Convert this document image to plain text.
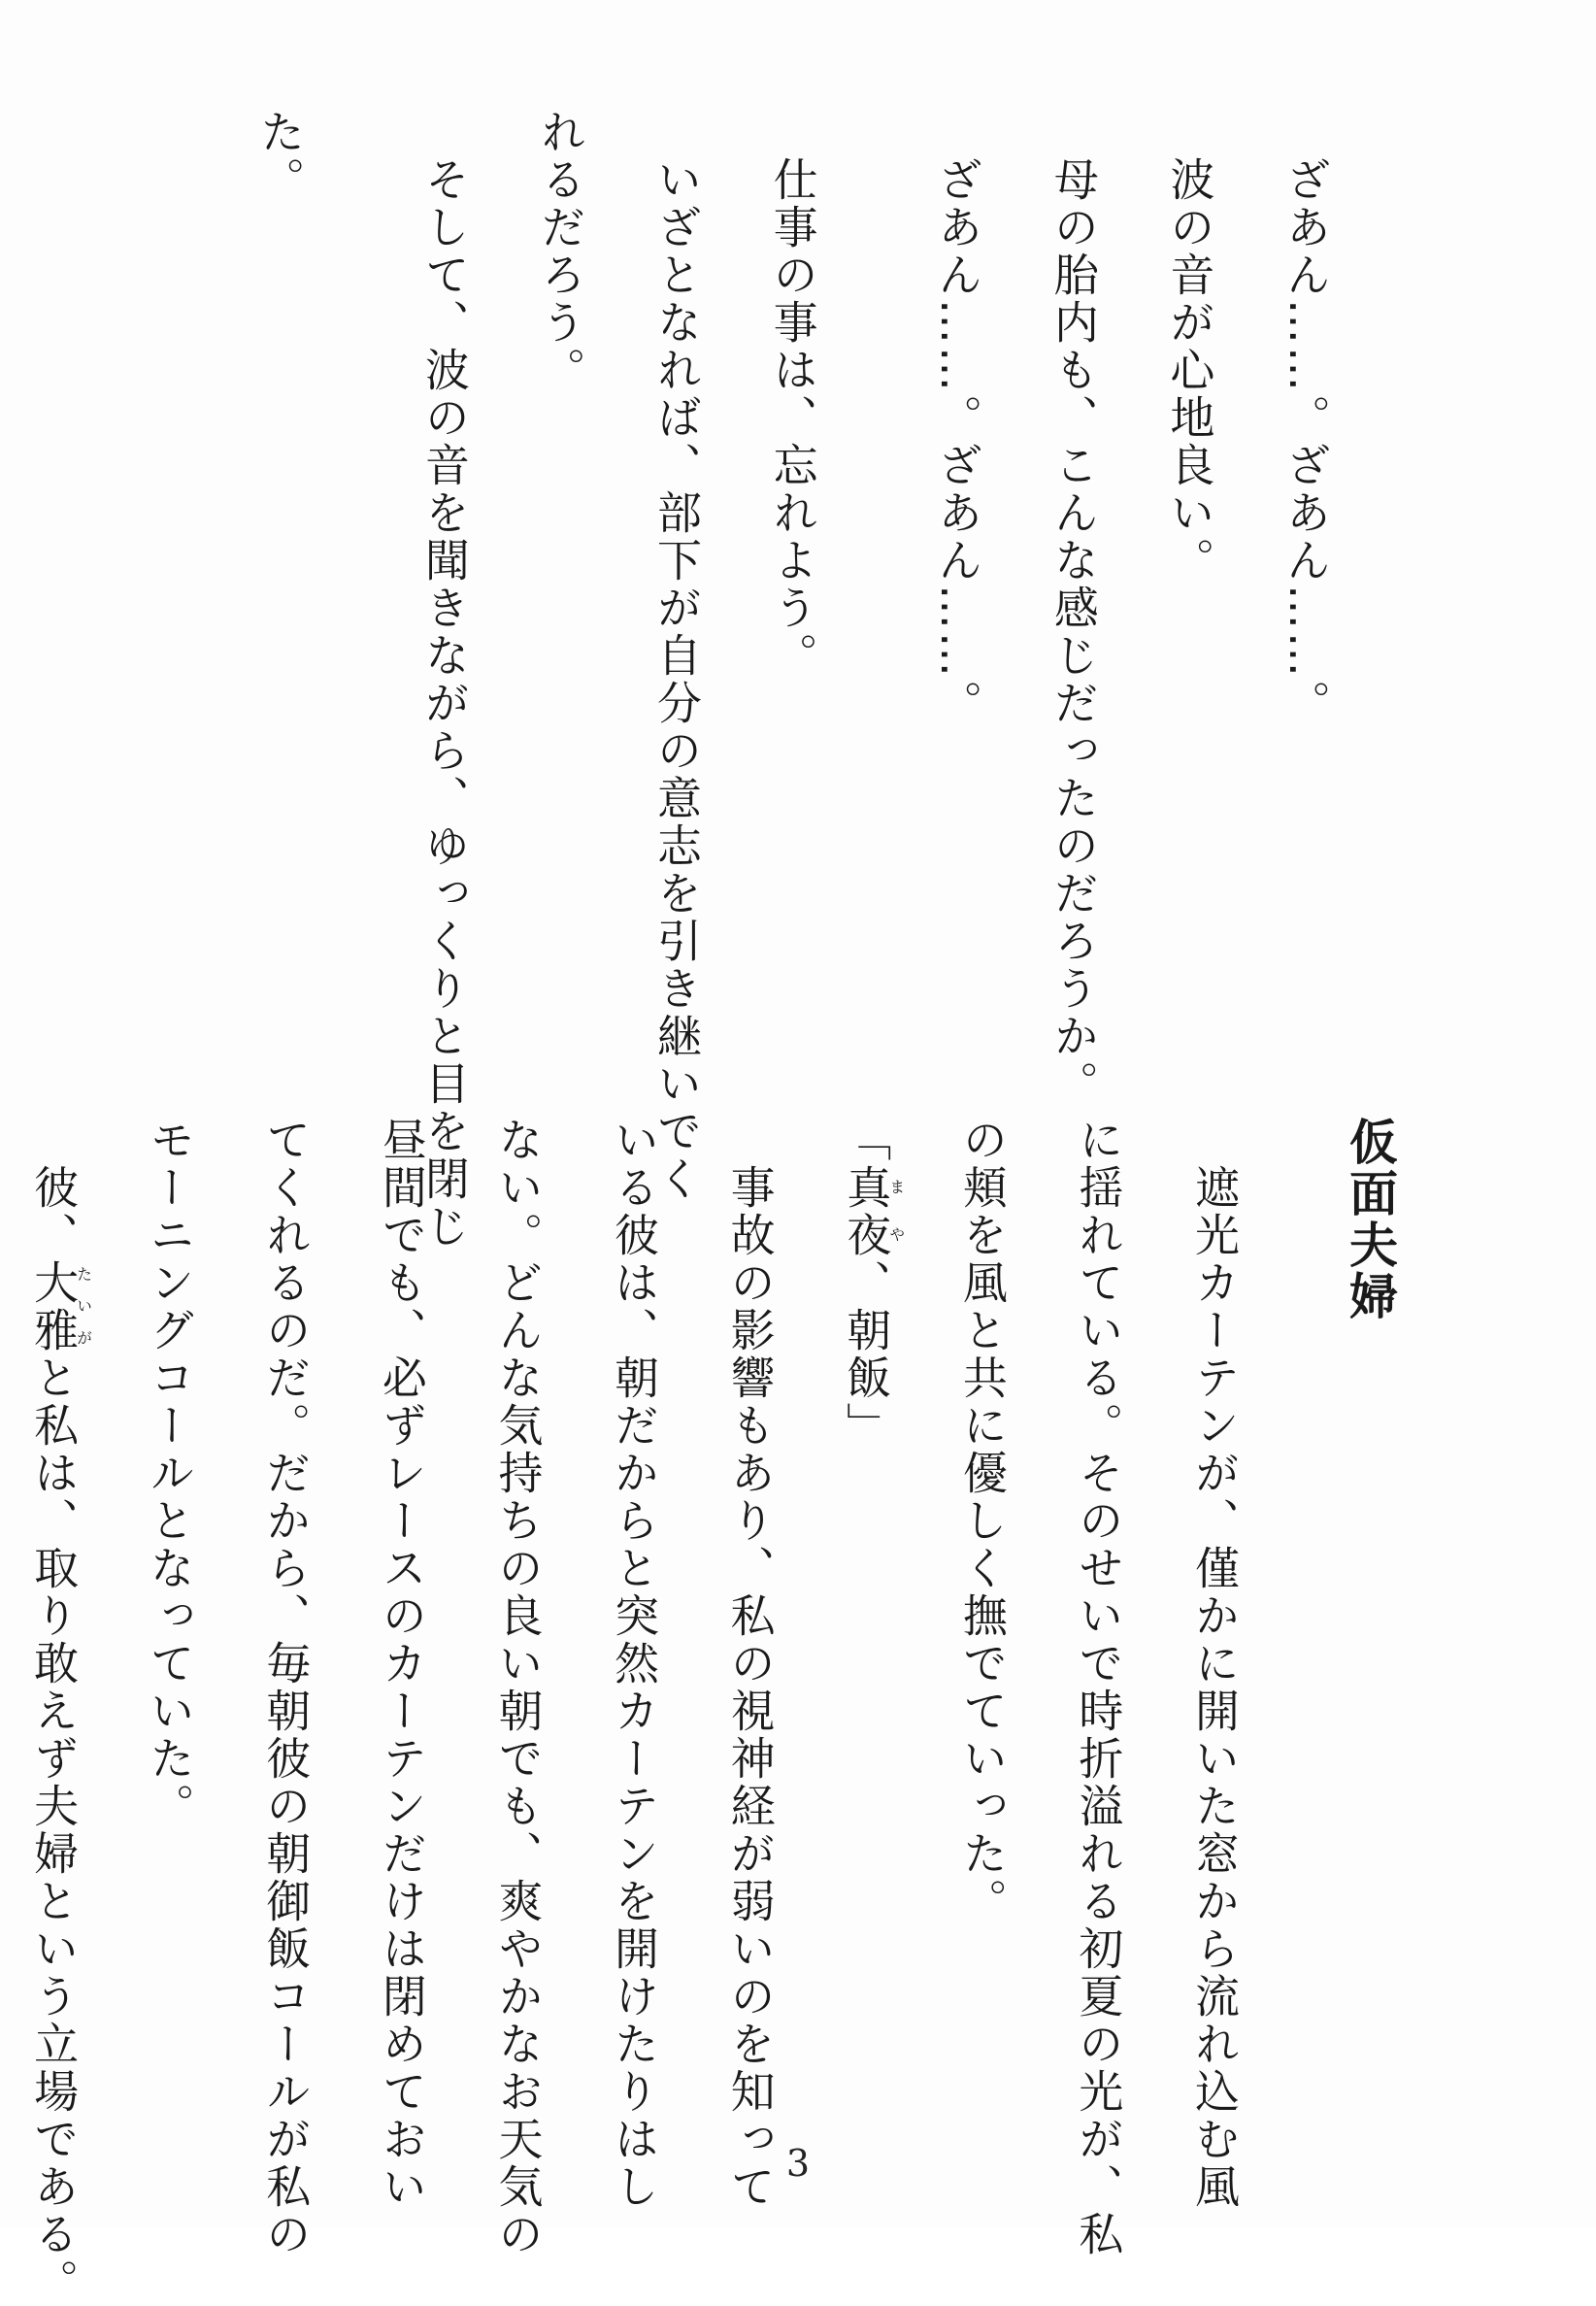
　ざあん……。ざあん……。

　波の音が心地良い。

　母の胎内も、こんな感じだったのだろうか。

　ざあん……。ざあん……。

　仕事の事は、忘れよう。

　いざとなれば、部下が自分の意志を引き継いでく

れるだろう。

　そして、波の音を聞きながら、ゆっくりと目を閉じ

た。

仮面夫婦

　遮光カーテンが、僅かに開いた窓から流れ込む風

に揺れている。そのせいで時折溢れる初夏の光が、私

の頬を風と共に優しく撫でていった。

「真夜まや、朝飯」

　事故の影響もあり、私の視神経が弱いのを知って

いる彼は、朝だからと突然カーテンを開けたりはし

ない。どんな気持ちの良い朝でも、爽やかなお天気の

昼間でも、必ずレースのカーテンだけは閉めておい

てくれるのだ。だから、毎朝彼の朝御飯コールが私の

モーニングコールとなっていた。

　彼、大雅たいがと私は、取り敢えず夫婦という立場である。	3
